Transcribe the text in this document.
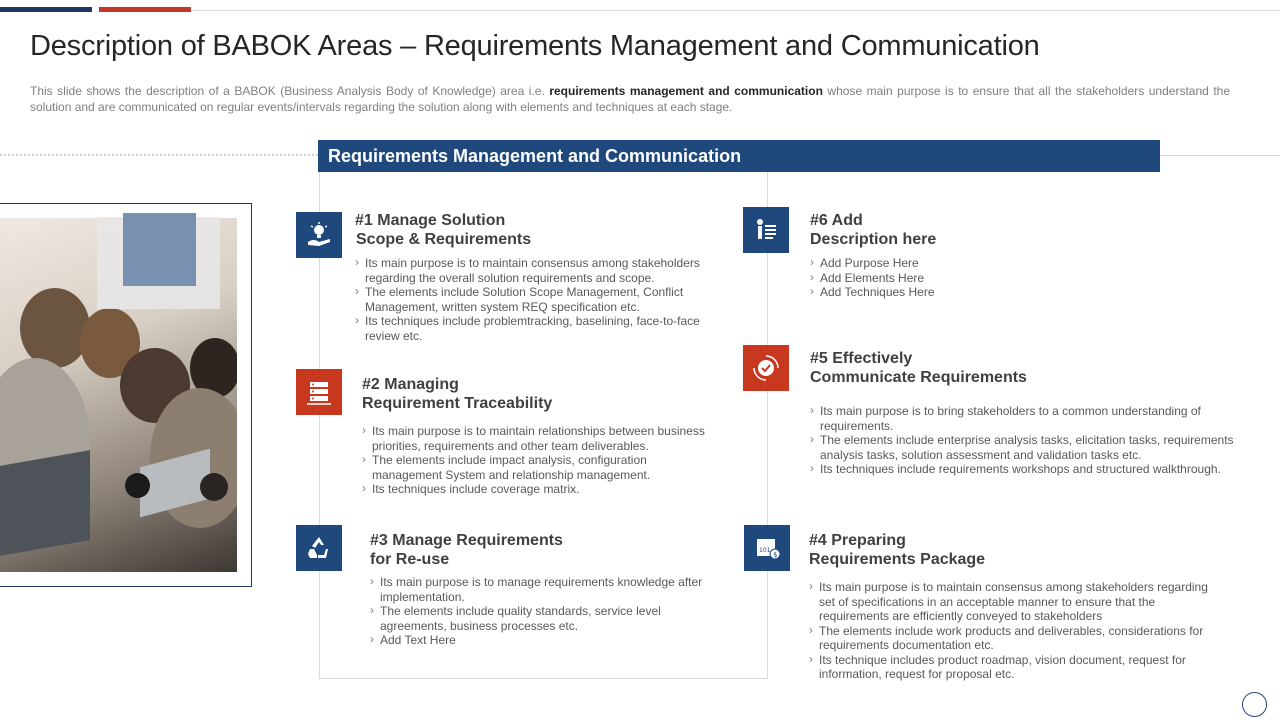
Description of BABOK Areas – Requirements Management and Communication
This slide shows the description of a BABOK (Business Analysis Body of Knowledge) area i.e. requirements management and communication whose main purpose is to ensure that all the stakeholders understand the solution and are communicated on regular events/intervals regarding the solution along with elements and techniques at each stage.
Requirements Management and Communication
#1 Manage Solution
Scope & Requirements
› Its main purpose is to maintain consensus among stakeholders regarding the overall solution requirements and scope.
› The elements include Solution Scope Management, Conflict Management, written system REQ specification etc.
› Its techniques include problemtracking, baselining, face-to-face review etc.
#2 Managing
Requirement Traceability
› Its main purpose is to maintain relationships between business priorities, requirements and other team deliverables.
› The elements include impact analysis, configuration management System and relationship management.
› Its techniques include coverage matrix.
#3 Manage Requirements
for Re-use
› Its main purpose is to manage requirements knowledge after implementation.
› The elements include quality standards, service level agreements, business processes etc.
› Add Text Here
#6 Add
Description here
› Add Purpose Here
› Add Elements Here
› Add Techniques Here
#5 Effectively
Communicate Requirements
› Its main purpose is to bring stakeholders to a common understanding of requirements.
› The elements include enterprise analysis tasks, elicitation tasks, requirements analysis tasks, solution assessment and validation tasks etc.
› Its techniques include requirements workshops and structured walkthrough.
101
$
#4 Preparing
Requirements Package
› Its main purpose is to maintain consensus among stakeholders regarding set of specifications in an acceptable manner to ensure that the requirements are efficiently conveyed to stakeholders
› The elements include work products and deliverables, considerations for requirements documentation etc.
› Its technique includes product roadmap, vision document, request for information, request for proposal etc.
